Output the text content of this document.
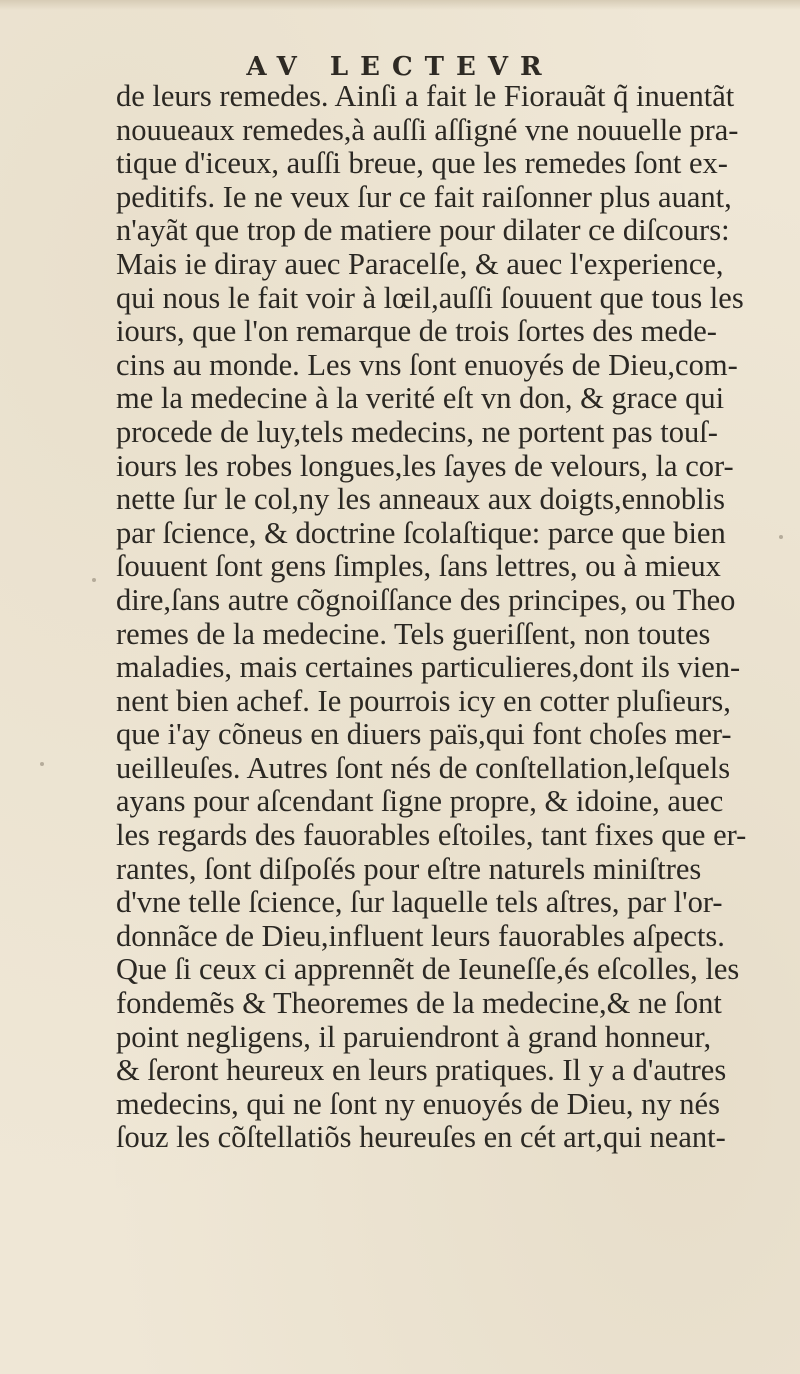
AV LECTEVR
de leurs remedes. Ainſi a fait le Fiorauãt q̃ inuentãt
nouueaux remedes,à auſſi aſſigné vne nouuelle pra-
tique d'iceux, auſſi breue, que les remedes ſont ex-
peditifs. Ie ne veux ſur ce fait raiſonner plus auant,
n'ayãt que trop de matiere pour dilater ce diſcours:
Mais ie diray auec Paracelſe, & auec l'experience,
qui nous le fait voir à lœil,auſſi ſouuent que tous les
iours, que l'on remarque de trois ſortes des mede-
cins au monde. Les vns ſont enuoyés de Dieu,com-
me la medecine à la verité eſt vn don, & grace qui
procede de luy,tels medecins, ne portent pas touſ-
iours les robes longues,les ſayes de velours, la cor-
nette ſur le col,ny les anneaux aux doigts,ennoblis
par ſcience, & doctrine ſcolaſtique: parce que bien
ſouuent ſont gens ſimples, ſans lettres, ou à mieux
dire,ſans autre cõgnoiſſance des principes, ou Theo
remes de la medecine. Tels gueriſſent, non toutes
maladies, mais certaines particulieres,dont ils vien-
nent bien achef. Ie pourrois icy en cotter pluſieurs,
que i'ay cõneus en diuers païs,qui font choſes mer-
ueilleuſes. Autres ſont nés de conſtellation,leſquels
ayans pour aſcendant ſigne propre, & idoine, auec
les regards des fauorables eſtoiles, tant fixes que er-
rantes, ſont diſpoſés pour eſtre naturels miniſtres
d'vne telle ſcience, ſur laquelle tels aſtres, par l'or-
donnãce de Dieu,influent leurs fauorables aſpects.
Que ſi ceux ci apprennẽt de Ieuneſſe,és eſcolles, les
fondemẽs & Theoremes de la medecine,& ne ſont
point negligens, il paruiendront à grand honneur,
& ſeront heureux en leurs pratiques. Il y a d'autres
medecins, qui ne ſont ny enuoyés de Dieu, ny nés
ſouz les cõſtellatiõs heureuſes en cét art,qui neant-
